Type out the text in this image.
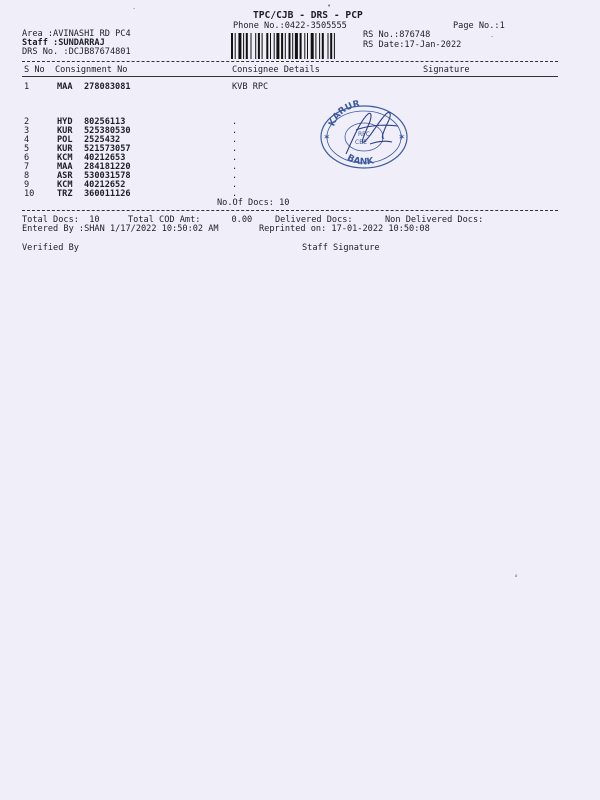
TPC/CJB - DRS - PCP
Phone No.:0422-3505555	Page No.:1
Area :AVINASHI RD PC4
Staff :SUNDARRAJ
DRS No. :DCJB87674801
RS No.:876748
RS Date:17-Jan-2022
•
·
·
°
S No Consignment No	Consignee Details	Signature
1	MAA 278083081	KVB RPC
2	HYD 80256113	.
3	KUR 525380530	.
4	POL 2525432	.
5	KUR 521573057	.
6	KCM 40212653	.
7	MAA 284181220	.
8	ASR 530031578	.
9	KCM 40212652	.
10	TRZ 360011126	.
No.Of Docs: 10
KARUR
BANK
RPC
CBE
✶	✶
Total Docs:  10	Total COD Amt:      0.00	Delivered Docs:	Non Delivered Docs:
Entered By :SHAN 1/17/2022 10:50:02 AM	Reprinted on: 17-01-2022 10:50:08
Verified By	Staff Signature
